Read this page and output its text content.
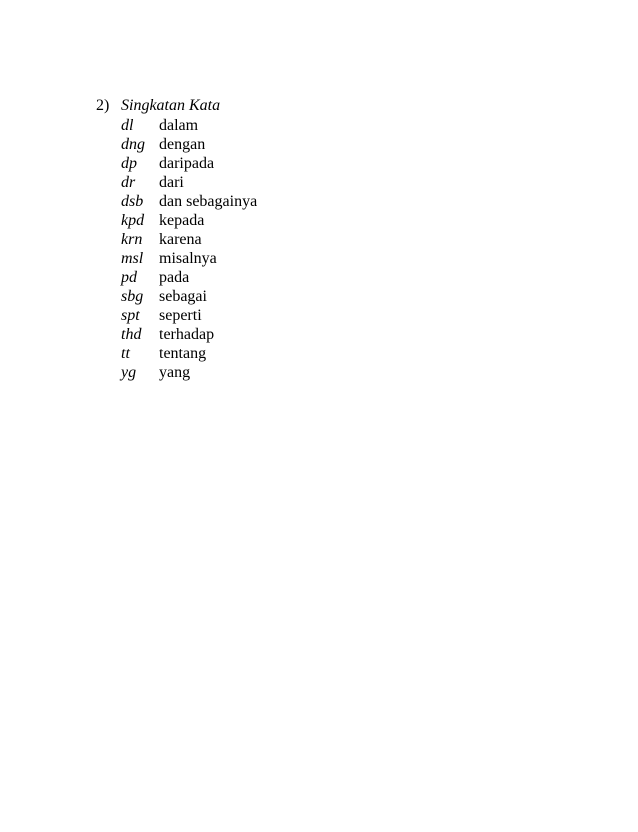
2) Singkatan Kata
dl	dalam
dng dengan
dp	daripada
dr	dari
dsb dan sebagainya
kpd kepada
krn	karena
msl misalnya
pd	pada
sbg sebagai
spt	seperti
thd	terhadap
tt	tentang
yg	yang
